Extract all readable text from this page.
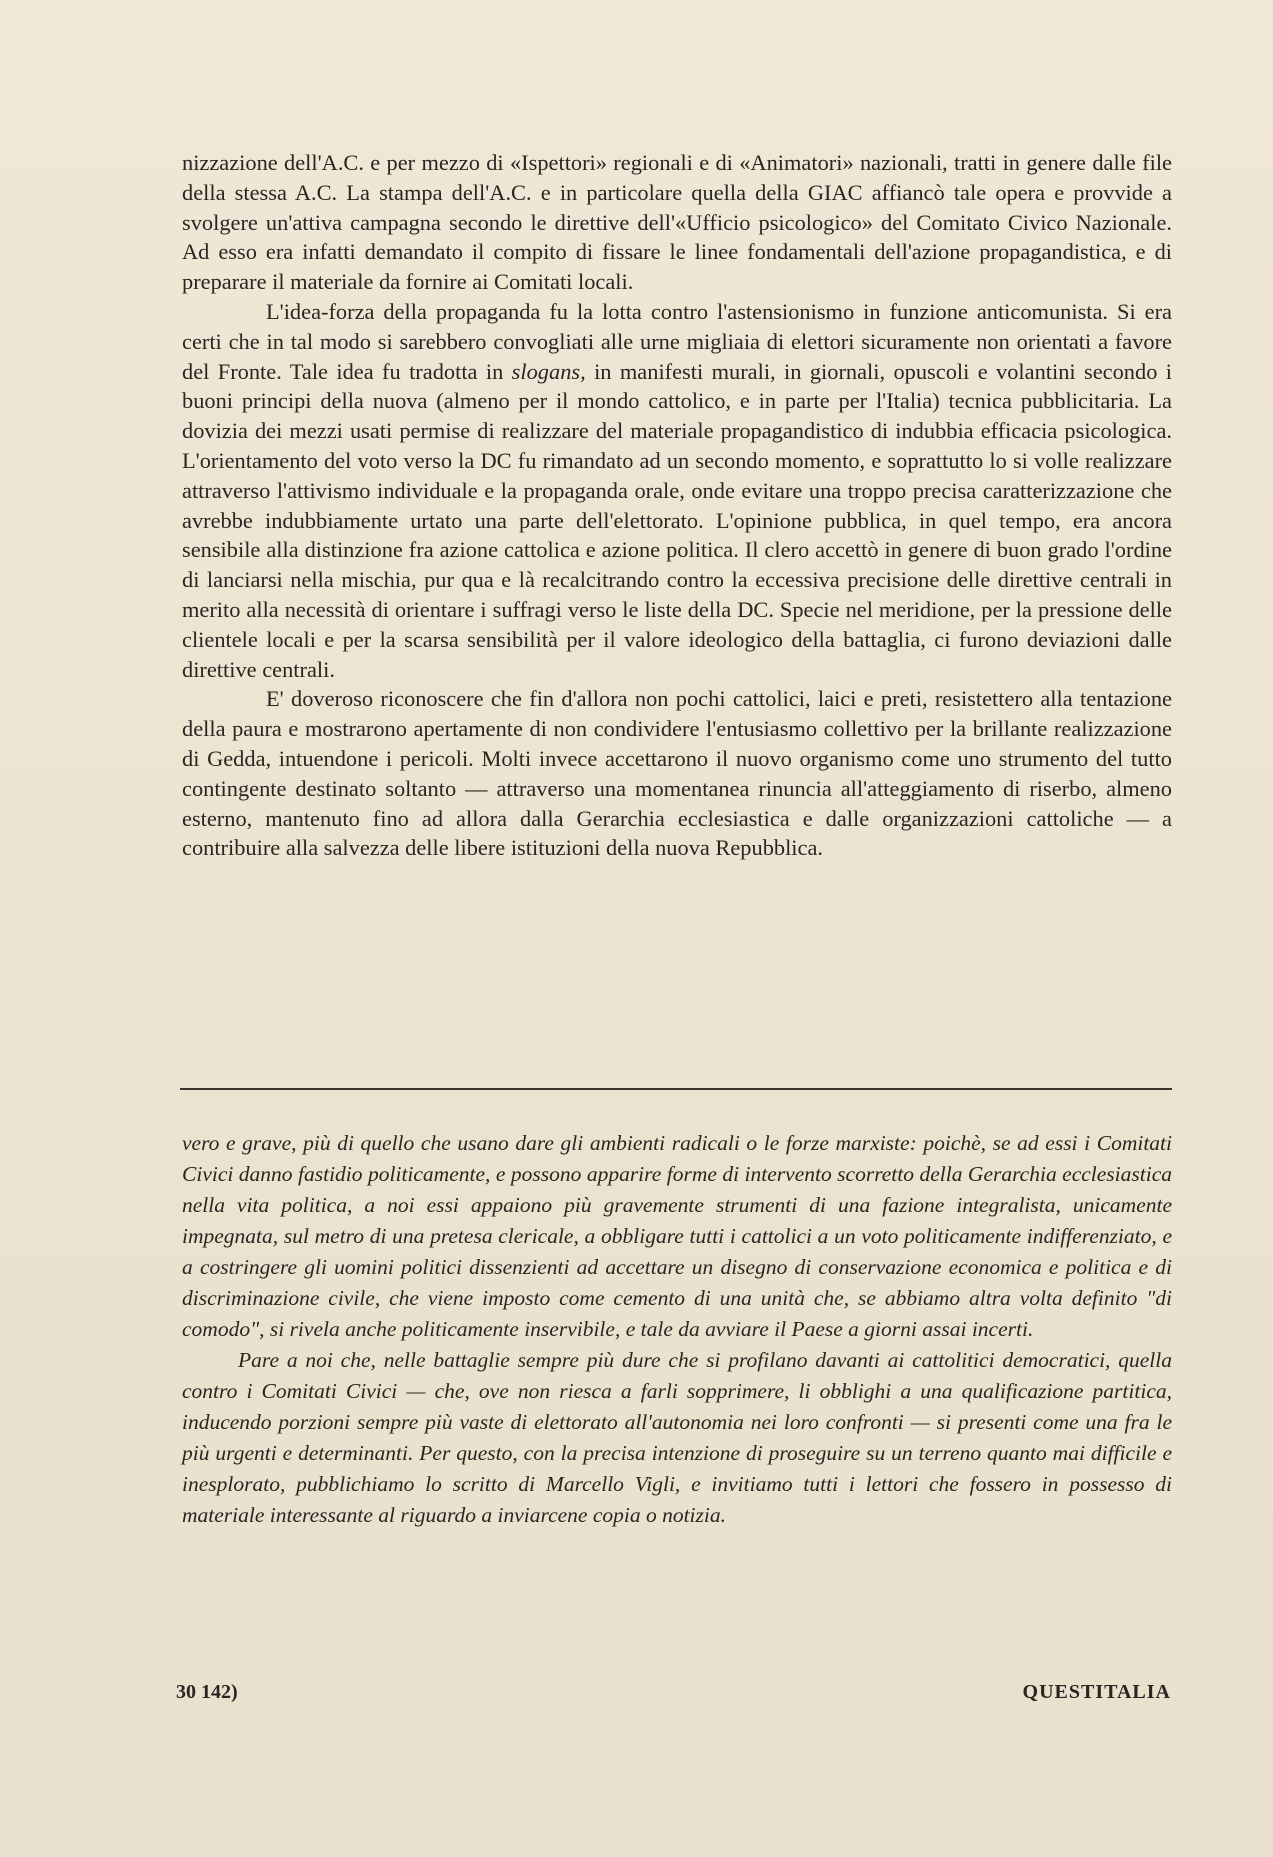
nizzazione dell'A.C. e per mezzo di «Ispettori» regionali e di «Animatori» nazionali, tratti in genere dalle file della stessa A.C. La stampa dell'A.C. e in particolare quella della GIAC affiancò tale opera e provvide a svolgere un'attiva campagna secondo le direttive dell'«Ufficio psicologico» del Comitato Civico Nazionale. Ad esso era infatti demandato il compito di fissare le linee fondamentali dell'azione propagandistica, e di preparare il materiale da fornire ai Comitati locali.

L'idea-forza della propaganda fu la lotta contro l'astensionismo in funzione anticomunista. Si era certi che in tal modo si sarebbero convogliati alle urne migliaia di elettori sicuramente non orientati a favore del Fronte. Tale idea fu tradotta in slogans, in manifesti murali, in giornali, opuscoli e volantini secondo i buoni principi della nuova (almeno per il mondo cattolico, e in parte per l'Italia) tecnica pubblicitaria. La dovizia dei mezzi usati permise di realizzare del materiale propagandistico di indubbia efficacia psicologica. L'orientamento del voto verso la DC fu rimandato ad un secondo momento, e soprattutto lo si volle realizzare attraverso l'attivismo individuale e la propaganda orale, onde evitare una troppo precisa caratterizzazione che avrebbe indubbiamente urtato una parte dell'elettorato. L'opinione pubblica, in quel tempo, era ancora sensibile alla distinzione fra azione cattolica e azione politica. Il clero accettò in genere di buon grado l'ordine di lanciarsi nella mischia, pur qua e là recalcitrando contro la eccessiva precisione delle direttive centrali in merito alla necessità di orientare i suffragi verso le liste della DC. Specie nel meridione, per la pressione delle clientele locali e per la scarsa sensibilità per il valore ideologico della battaglia, ci furono deviazioni dalle direttive centrali.

E' doveroso riconoscere che fin d'allora non pochi cattolici, laici e preti, resistettero alla tentazione della paura e mostrarono apertamente di non condividere l'entusiasmo collettivo per la brillante realizzazione di Gedda, intuendone i pericoli. Molti invece accettarono il nuovo organismo come uno strumento del tutto contingente destinato soltanto — attraverso una momentanea rinuncia all'atteggiamento di riserbo, almeno esterno, mantenuto fino ad allora dalla Gerarchia ecclesiastica e dalle organizzazioni cattoliche — a contribuire alla salvezza delle libere istituzioni della nuova Repubblica.

vero e grave, più di quello che usano dare gli ambienti radicali o le forze marxiste: poichè, se ad essi i Comitati Civici danno fastidio politicamente, e possono apparire forme di intervento scorretto della Gerarchia ecclesiastica nella vita politica, a noi essi appaiono più gravemente strumenti di una fazione integralista, unicamente impegnata, sul metro di una pretesa clericale, a obbligare tutti i cattolici a un voto politicamente indifferenziato, e a costringere gli uomini politici dissenzienti ad accettare un disegno di conservazione economica e politica e di discriminazione civile, che viene imposto come cemento di una unità che, se abbiamo altra volta definito "di comodo", si rivela anche politicamente inservibile, e tale da avviare il Paese a giorni assai incerti.

Pare a noi che, nelle battaglie sempre più dure che si profilano davanti ai cattolitici democratici, quella contro i Comitati Civici — che, ove non riesca a farli sopprimere, li obblighi a una qualificazione partitica, inducendo porzioni sempre più vaste di elettorato all'autonomia nei loro confronti — si presenti come una fra le più urgenti e determinanti. Per questo, con la precisa intenzione di proseguire su un terreno quanto mai difficile e inesplorato, pubblichiamo lo scritto di Marcello Vigli, e invitiamo tutti i lettori che fossero in possesso di materiale interessante al riguardo a inviarcene copia o notizia.

30 142)	QUESTITALIA
